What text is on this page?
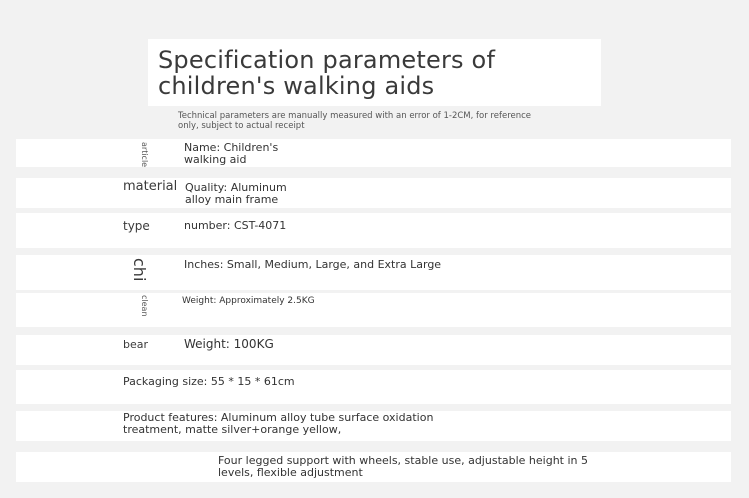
Specification parameters of children's walking aids
Technical parameters are manually measured with an error of 1-2CM, for reference only, subject to actual receipt
article	Name: Children's walking aid
material Quality: Aluminum alloy main frame
type	number: CST-4071
chi	Inches: Small, Medium, Large, and Extra Large
clean	Weight: Approximately 2.5KG
bear	Weight: 100KG
Packaging size: 55 * 15 * 61cm
Product features: Aluminum alloy tube surface oxidation treatment, matte silver+orange yellow,
Four legged support with wheels, stable use, adjustable height in 5 levels, flexible adjustment
